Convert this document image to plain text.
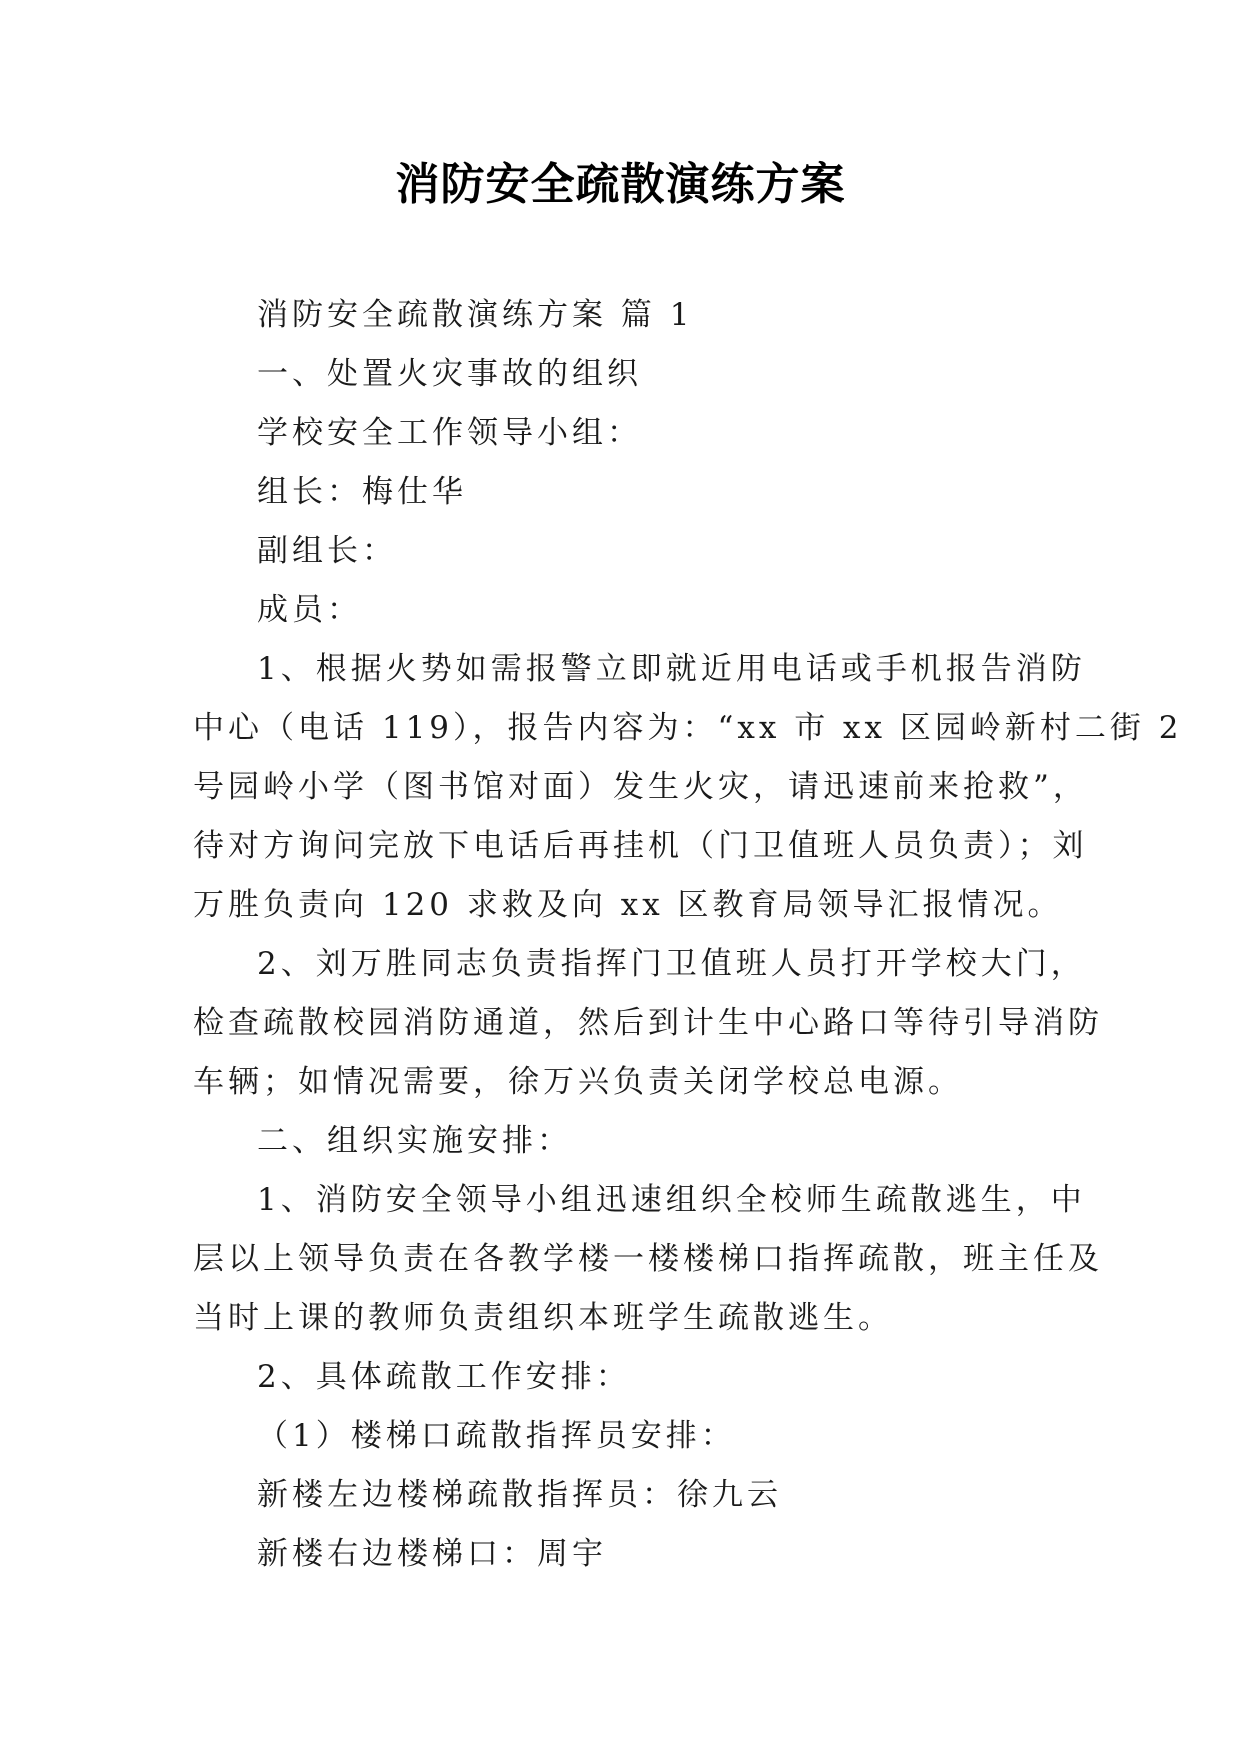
消防安全疏散演练方案

消防安全疏散演练方案 篇 1

一、处置火灾事故的组织

学校安全工作领导小组：

组长：梅仕华

副组长：

成员：

1、根据火势如需报警立即就近用电话或手机报告消防

中心（电话 119），报告内容为：“xx 市 xx 区园岭新村二街 2

号园岭小学（图书馆对面）发生火灾，请迅速前来抢救”，

待对方询问完放下电话后再挂机（门卫值班人员负责）；刘

万胜负责向 120 求救及向 xx 区教育局领导汇报情况。

2、刘万胜同志负责指挥门卫值班人员打开学校大门，

检查疏散校园消防通道，然后到计生中心路口等待引导消防

车辆；如情况需要，徐万兴负责关闭学校总电源。

二、组织实施安排：

1、消防安全领导小组迅速组织全校师生疏散逃生，中

层以上领导负责在各教学楼一楼楼梯口指挥疏散，班主任及

当时上课的教师负责组织本班学生疏散逃生。

2、具体疏散工作安排：

（1）楼梯口疏散指挥员安排：

新楼左边楼梯疏散指挥员：徐九云

新楼右边楼梯口：周宇
